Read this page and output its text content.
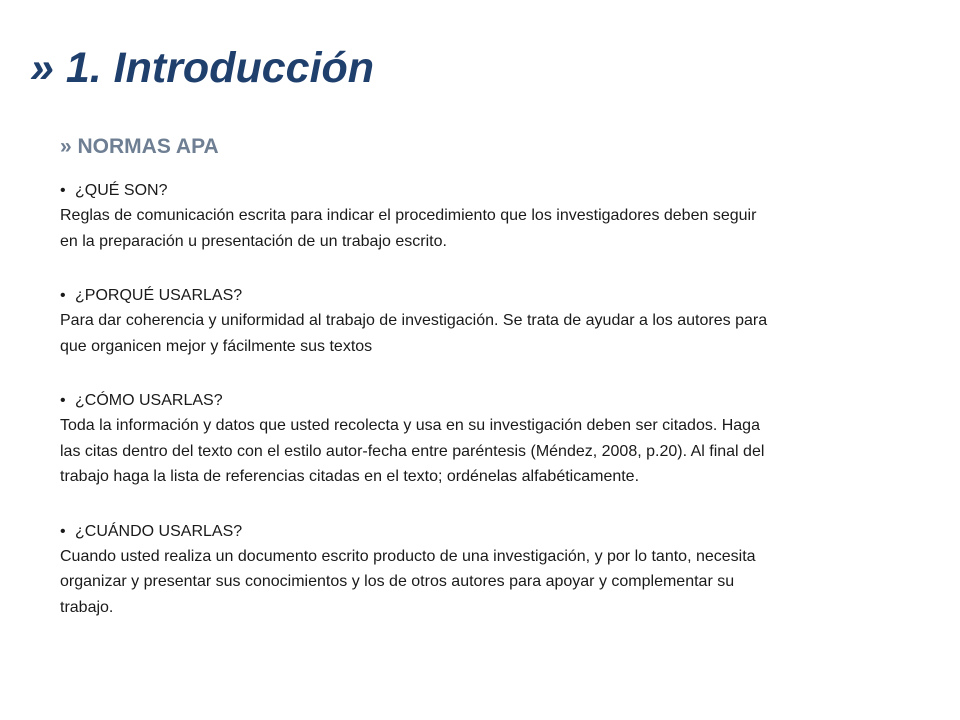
» 1. Introducción
» NORMAS APA

• ¿QUÉ SON?

Reglas de comunicación escrita para indicar el procedimiento que los investigadores deben seguir

en la preparación u presentación de un trabajo escrito.

• ¿PORQUÉ USARLAS?

Para dar coherencia y uniformidad al trabajo de investigación. Se trata de ayudar a los autores para

que organicen mejor y fácilmente sus textos

• ¿CÓMO USARLAS?

Toda la información y datos que usted recolecta y usa en su investigación deben ser citados. Haga

las citas dentro del texto con el estilo autor-fecha entre paréntesis (Méndez, 2008, p.20). Al final del

trabajo haga la lista de referencias citadas en el texto; ordénelas alfabéticamente.

• ¿CUÁNDO USARLAS?

Cuando usted realiza un documento escrito producto de una investigación, y por lo tanto, necesita

organizar y presentar sus conocimientos y los de otros autores para apoyar y complementar su

trabajo.
